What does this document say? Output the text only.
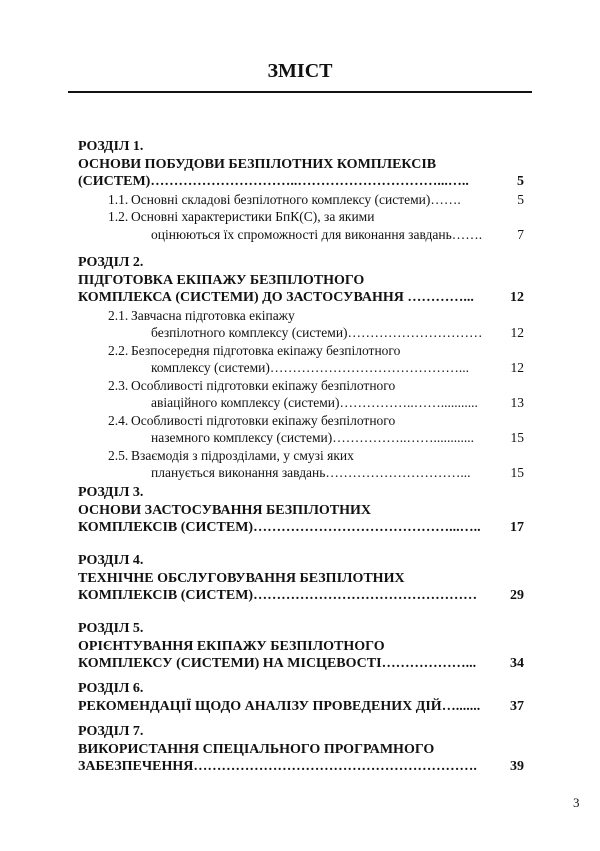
ЗМІСТ
РОЗДІЛ 1.
ОСНОВИ ПОБУДОВИ БЕЗПІЛОТНИХ КОМПЛЕКСІВ
(СИСТЕМ)…………………………..…………………………...…..	5
1.1. Основні складові безпілотного комплексу (системи)…….	5
1.2. Основні характеристики БпК(С), за якими
оцінюються їх спроможності для виконання завдань…….	7
РОЗДІЛ 2.
ПІДГОТОВКА ЕКІПАЖУ БЕЗПІЛОТНОГО
КОМПЛЕКСА (СИСТЕМИ) ДО ЗАСТОСУВАННЯ …………...	12
2.1. Завчасна підготовка екіпажу
безпілотного комплексу (системи)…………………………	12
2.2. Безпосередня підготовка екіпажу безпілотного
комплексу (системи)……………………………………...	12
2.3. Особливості підготовки екіпажу безпілотного
авіаційного комплексу (системи)……………..……...........	13
2.4. Особливості підготовки екіпажу безпілотного
наземного комплексу (системи)……………..……............	15
2.5. Взаємодія з підрозділами, у смузі яких
планується виконання завдань…………………………...	15
РОЗДІЛ 3.
ОСНОВИ ЗАСТОСУВАННЯ БЕЗПІЛОТНИХ
КОМПЛЕКСІВ (СИСТЕМ)……………………………………...….. 17
РОЗДІЛ 4.
ТЕХНІЧНЕ ОБСЛУГОВУВАННЯ БЕЗПІЛОТНИХ
КОМПЛЕКСІВ (СИСТЕМ)………………………………………… 29
РОЗДІЛ 5.
ОРІЄНТУВАННЯ ЕКІПАЖУ БЕЗПІЛОТНОГО
КОМПЛЕКСУ (СИСТЕМИ) НА МІСЦЕВОСТІ………………... 34
РОЗДІЛ 6.
РЕКОМЕНДАЦІЇ ЩОДО АНАЛІЗУ ПРОВЕДЕНИХ ДІЙ…....... 37
РОЗДІЛ 7.
ВИКОРИСТАННЯ СПЕЦІАЛЬНОГО ПРОГРАМНОГО
ЗАБЕЗПЕЧЕННЯ……………………………………………………. 39
3
